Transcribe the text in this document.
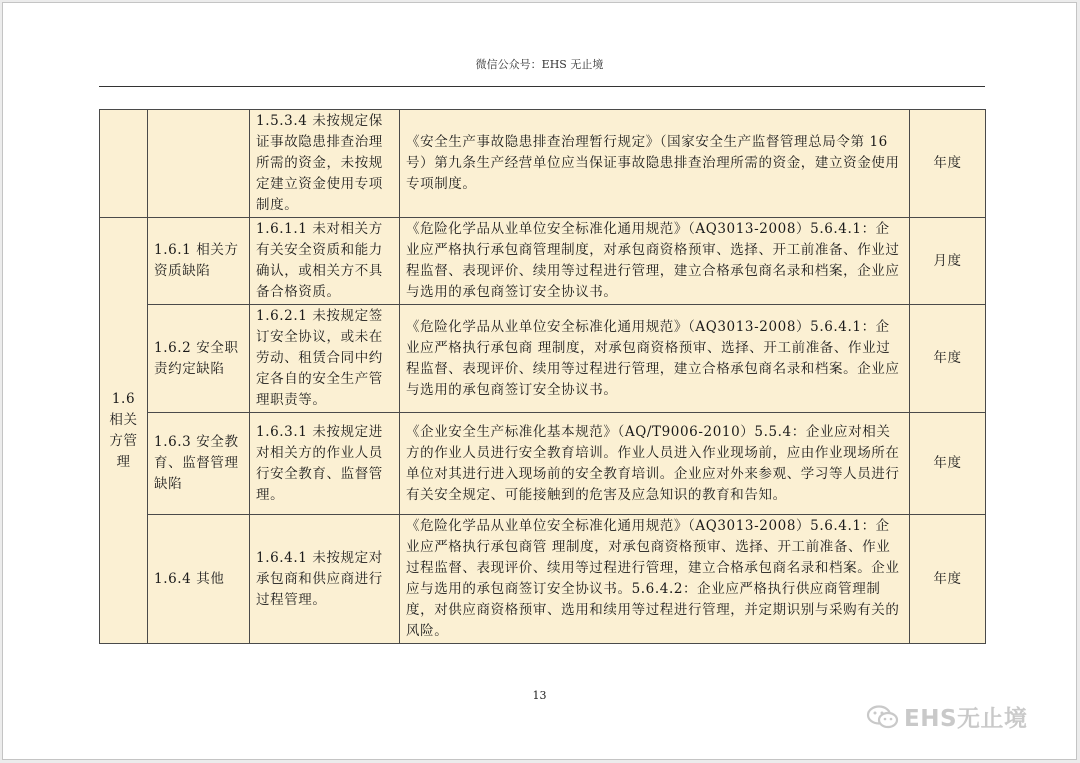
微信公众号：EHS 无止境
		1.5.3.4 未按规定保证事故隐患排查治理所需的资金，未按规定建立资金使用专项制度。	《安全生产事故隐患排查治理暂行规定》（国家安全生产监督管理总局令第 16 号）第九条生产经营单位应当保证事故隐患排查治理所需的资金，建立资金使用专项制度。	年度
1.6 相关方管理	1.6.1 相关方资质缺陷	1.6.1.1 未对相关方有关安全资质和能力确认，或相关方不具备合格资质。	《危险化学品从业单位安全标准化通用规范》（AQ3013-2008）5.6.4.1：企业应严格执行承包商管理制度，对承包商资格预审、选择、开工前准备、作业过程监督、表现评价、续用等过程进行管理，建立合格承包商名录和档案，企业应与选用的承包商签订安全协议书。	月度
	1.6.2 安全职责约定缺陷	1.6.2.1 未按规定签订安全协议，或未在劳动、租赁合同中约定各自的安全生产管理职责等。	《危险化学品从业单位安全标准化通用规范》（AQ3013-2008）5.6.4.1：企业应严格执行承包商 理制度，对承包商资格预审、选择、开工前准备、作业过程监督、表现评价、续用等过程进行管理，建立合格承包商名录和档案。企业应与选用的承包商签订安全协议书。	年度
	1.6.3 安全教育、监督管理缺陷	1.6.3.1 未按规定进对相关方的作业人员行安全教育、监督管理。	《企业安全生产标准化基本规范》（AQ/T9006-2010）5.5.4：企业应对相关方的作业人员进行安全教育培训。作业人员进入作业现场前，应由作业现场所在单位对其进行进入现场前的安全教育培训。企业应对外来参观、学习等人员进行有关安全规定、可能接触到的危害及应急知识的教育和告知。	年度
	1.6.4 其他	1.6.4.1 未按规定对承包商和供应商进行过程管理。	《危险化学品从业单位安全标准化通用规范》（AQ3013-2008）5.6.4.1：企业应严格执行承包商管 理制度，对承包商资格预审、选择、开工前准备、作业过程监督、表现评价、续用等过程进行管理，建立合格承包商名录和档案。企业应与选用的承包商签订安全协议书。5.6.4.2：企业应严格执行供应商管理制度，对供应商资格预审、选用和续用等过程进行管理，并定期识别与采购有关的风险。	年度
13
EHS无止境
